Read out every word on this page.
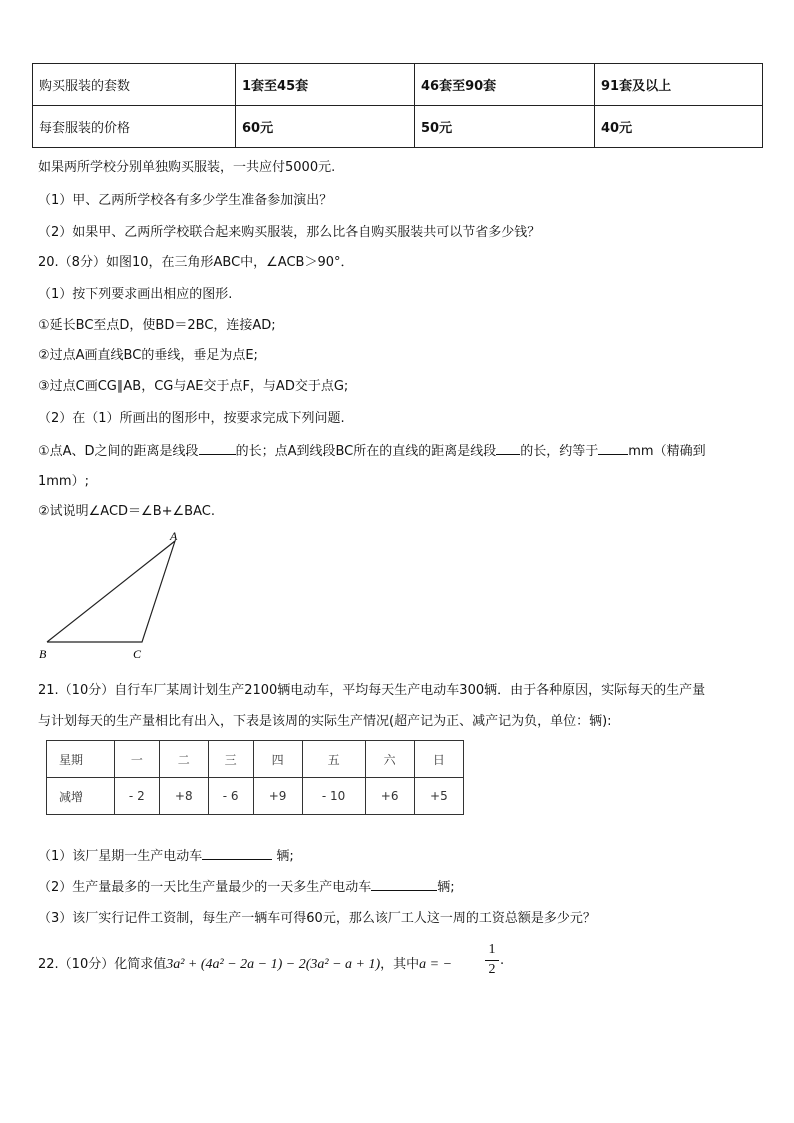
购买服装的套数	1套至45套	46套至90套	91套及以上
每套服装的价格	60元	50元	40元
如果两所学校分别单独购买服装，一共应付5000元.
（1）甲、乙两所学校各有多少学生准备参加演出？
（2）如果甲、乙两所学校联合起来购买服装，那么比各自购买服装共可以节省多少钱？
20.（8分）如图10，在三角形ABC中，∠ACB＞90°．
（1）按下列要求画出相应的图形.
①延长BC至点D，使BD＝2BC，连接AD;
②过点A画直线BC的垂线，垂足为点E;
③过点C画CG∥AB，CG与AE交于点F，与AD交于点G;
（2）在（1）所画出的图形中，按要求完成下列问题.
①点A、D之间的距离是线段	的长；点A到线段BC所在的直线的距离是线段 的长，约等于 mm（精确到
1mm）;
②试说明∠ACD＝∠B+∠BAC.
A
B	C
21.（10分）自行车厂某周计划生产2100辆电动车，平均每天生产电动车300辆．由于各种原因，实际每天的生产量
与计划每天的生产量相比有出入，下表是该周的实际生产情况(超产记为正、减产记为负，单位：辆):
星期	一	二	三	四	五	六	日
减增	- 2	+8	- 6	+9	- 10	+6	+5
（1）该厂星期一生产电动车	辆;
（2）生产量最多的一天比生产量最少的一天多生产电动车	辆;
（3）该厂实行记件工资制，每生产一辆车可得60元，那么该厂工人这一周的工资总额是多少元？
22.（10分）化简求值3a² + (4a² − 2a − 1) − 2(3a² − a + 1)，其中a = −
1
2
.
